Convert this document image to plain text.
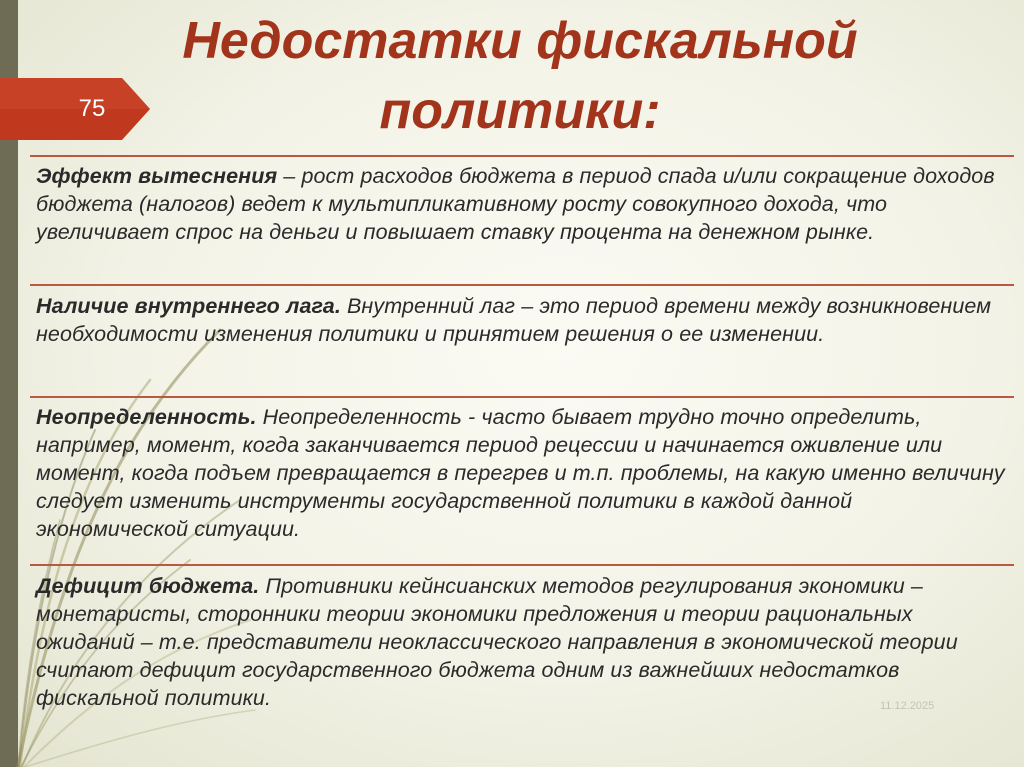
75
Недостатки фискальной
политики:
Эффект вытеснения – рост расходов бюджета в период спада и/или сокращение доходов бюджета (налогов) ведет к мультипликативному росту совокупного дохода, что увеличивает спрос на деньги и повышает ставку процента на денежном рынке.
Наличие внутреннего лага. Внутренний лаг – это период времени между возникновением необходимости изменения политики и принятием решения о ее изменении.
Неопределенность. Неопределенность - часто бывает трудно точно определить, например, момент, когда заканчивается период рецессии и начинается оживление или момент, когда подъем превращается в перегрев и т.п. проблемы, на какую именно величину следует изменить инструменты государственной политики в каждой данной экономической ситуации.
Дефицит бюджета. Противники кейнсианских методов регулирования экономики – монетаристы, сторонники теории экономики предложения и теории рациональных ожиданий – т.е. представители неоклассического направления в экономической теории считают дефицит государственного бюджета одним из важнейших недостатков фискальной политики.	11.12.2025
